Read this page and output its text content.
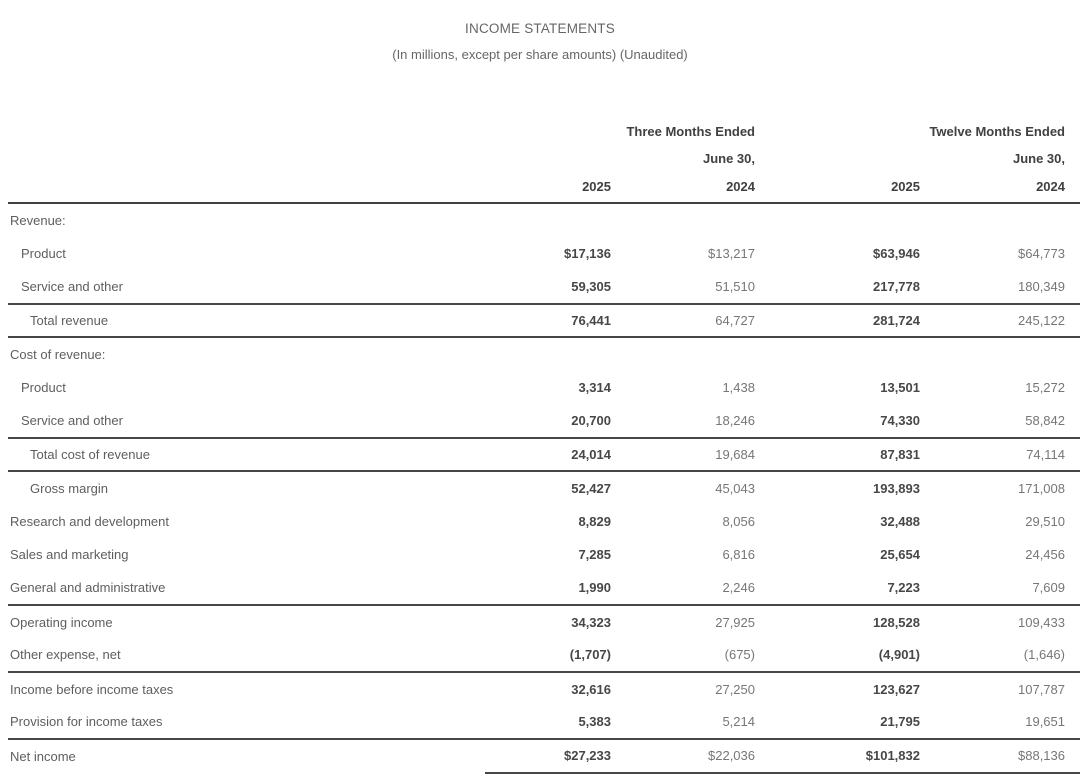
INCOME STATEMENTS
(In millions, except per share amounts) (Unaudited)
	Three Months Ended		Twelve Months Ended	
	June 30,		June 30,	
	2025	2024	2025	2024
Revenue:				
Product	$17,136	$13,217	$63,946	$64,773
Service and other	59,305	51,510	217,778	180,349
Total revenue	76,441	64,727	281,724	245,122
Cost of revenue:				
Product	3,314	1,438	13,501	15,272
Service and other	20,700	18,246	74,330	58,842
Total cost of revenue	24,014	19,684	87,831	74,114
Gross margin	52,427	45,043	193,893	171,008
Research and development	8,829	8,056	32,488	29,510
Sales and marketing	7,285	6,816	25,654	24,456
General and administrative	1,990	2,246	7,223	7,609
Operating income	34,323	27,925	128,528	109,433
Other expense, net	(1,707)	(675)	(4,901)	(1,646)
Income before income taxes	32,616	27,250	123,627	107,787
Provision for income taxes	5,383	5,214	21,795	19,651
Net income	$27,233	$22,036	$101,832	$88,136
